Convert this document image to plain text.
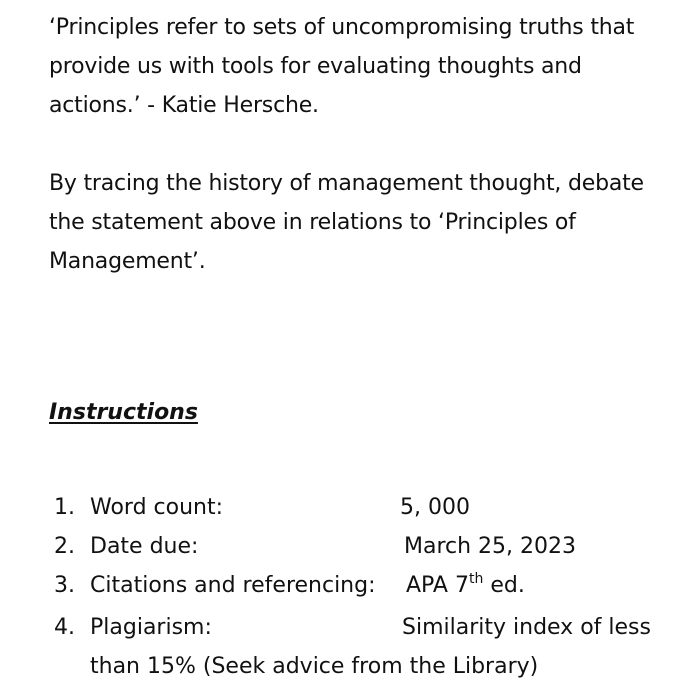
‘Principles refer to sets of uncompromising truths that provide us with tools for evaluating thoughts and actions.’ - Katie Hersche.

By tracing the history of management thought, debate the statement above in relations to ‘Principles of Management’.

Instructions
1. Word count:	5, 000
2. Date due:	March 25, 2023
3. Citations and referencing: APA 7th ed.
4. Plagiarism:	Similarity index of less
than 15% (Seek advice from the Library)
